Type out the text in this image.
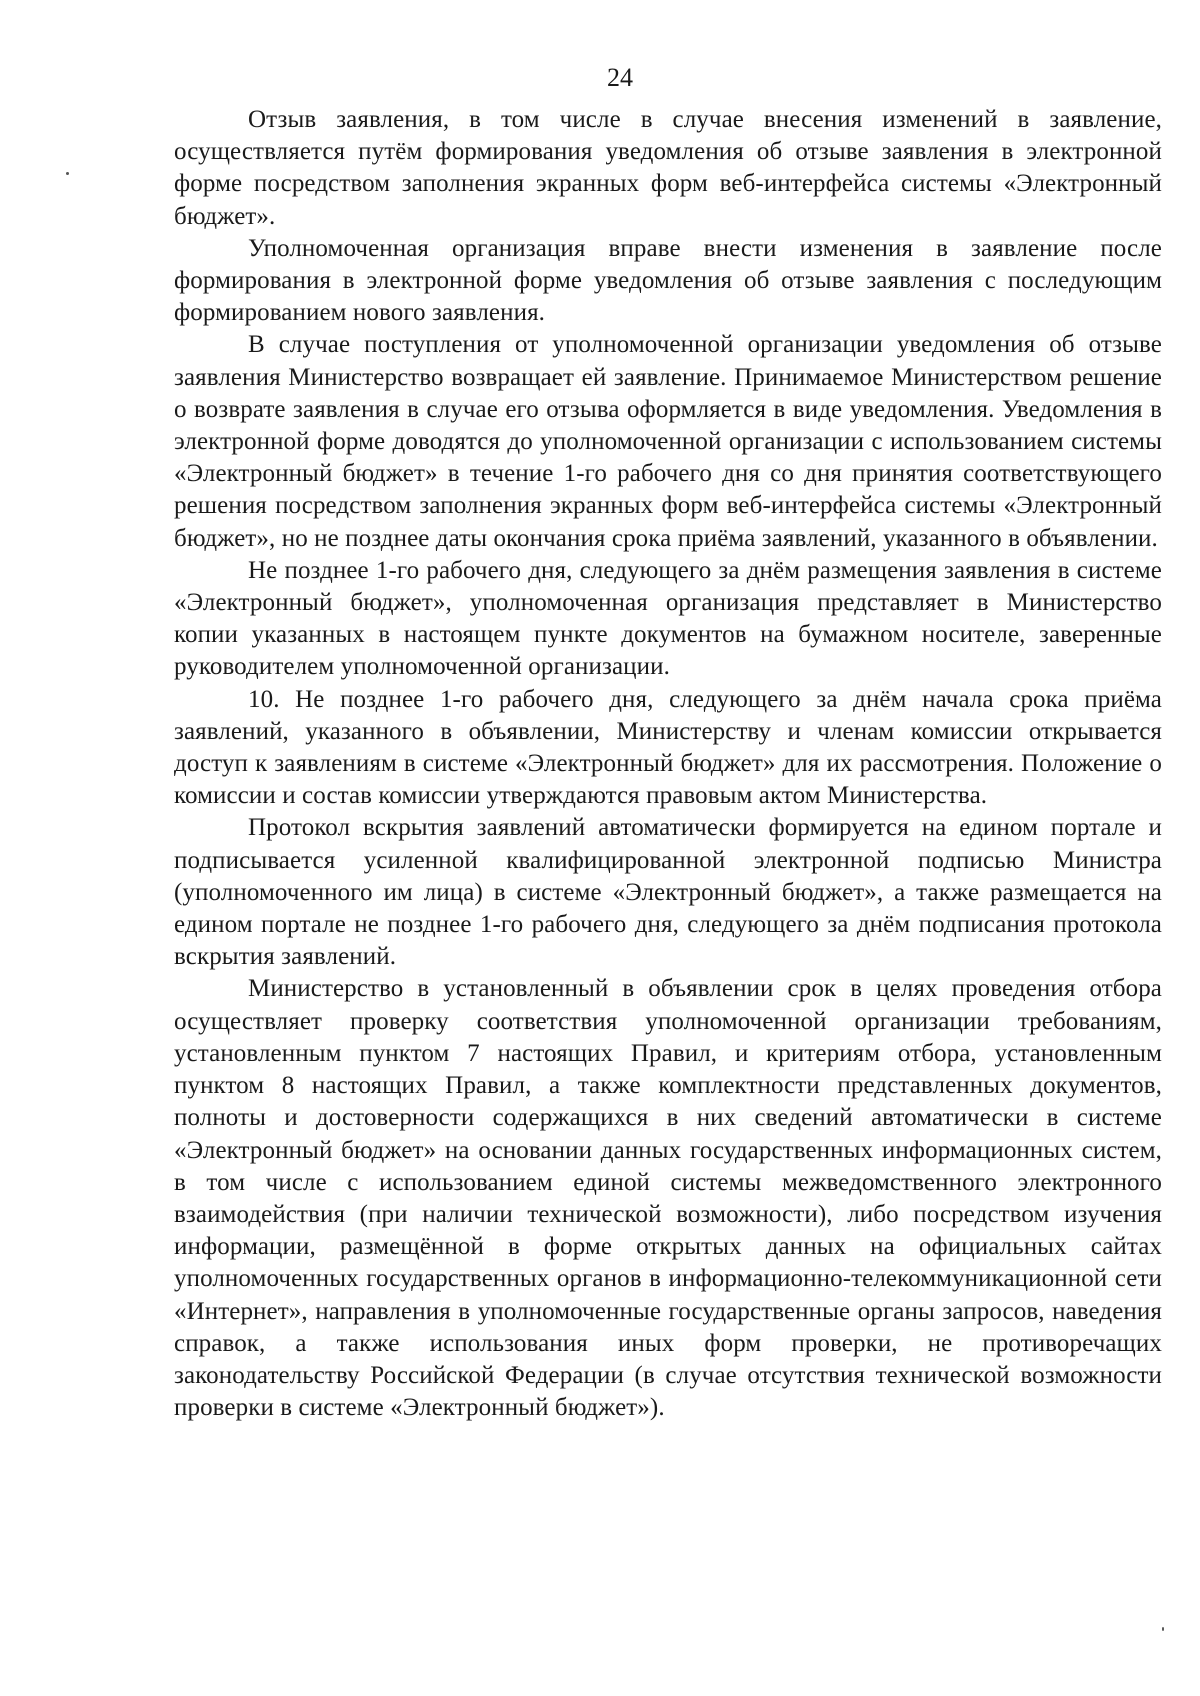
24

Отзыв заявления, в том числе в случае внесения изменений в заявление, осуществляется путём формирования уведомления об отзыве заявления в электронной форме посредством заполнения экранных форм веб-интерфейса системы «Электронный бюджет».

Уполномоченная организация вправе внести изменения в заявление после формирования в электронной форме уведомления об отзыве заявления с последующим формированием нового заявления.

В случае поступления от уполномоченной организации уведомления об отзыве заявления Министерство возвращает ей заявление. Принимаемое Министерством решение о возврате заявления в случае его отзыва оформляется в виде уведомления. Уведомления в электронной форме доводятся до уполномоченной организации с использованием системы «Электронный бюджет» в течение 1-го рабочего дня со дня принятия соответствующего решения посредством заполнения экранных форм веб-интерфейса системы «Электронный бюджет», но не позднее даты окончания срока приёма заявлений, указанного в объявлении.

Не позднее 1-го рабочего дня, следующего за днём размещения заявления в системе «Электронный бюджет», уполномоченная организация представляет в Министерство копии указанных в настоящем пункте документов на бумажном носителе, заверенные руководителем уполномоченной организации.

10. Не позднее 1-го рабочего дня, следующего за днём начала срока приёма заявлений, указанного в объявлении, Министерству и членам комиссии открывается доступ к заявлениям в системе «Электронный бюджет» для их рассмотрения. Положение о комиссии и состав комиссии утверждаются правовым актом Министерства.

Протокол вскрытия заявлений автоматически формируется на едином портале и подписывается усиленной квалифицированной электронной подписью Министра (уполномоченного им лица) в системе «Электронный бюджет», а также размещается на едином портале не позднее 1-го рабочего дня, следующего за днём подписания протокола вскрытия заявлений.

Министерство в установленный в объявлении срок в целях проведения отбора осуществляет проверку соответствия уполномоченной организации требованиям, установленным пунктом 7 настоящих Правил, и критериям отбора, установленным пунктом 8 настоящих Правил, а также комплектности представленных документов, полноты и достоверности содержащихся в них сведений автоматически в системе «Электронный бюджет» на основании данных государственных информационных систем, в том числе с использованием единой системы межведомственного электронного взаимодействия (при наличии технической возможности), либо посредством изучения информации, размещённой в форме открытых данных на официальных сайтах уполномоченных государственных органов в информационно-телекоммуникационной сети «Интернет», направления в уполномоченные государственные органы запросов, наведения справок, а также использования иных форм проверки, не противоречащих законодательству Российской Федерации (в случае отсутствия технической возможности проверки в системе «Электронный бюджет»).
